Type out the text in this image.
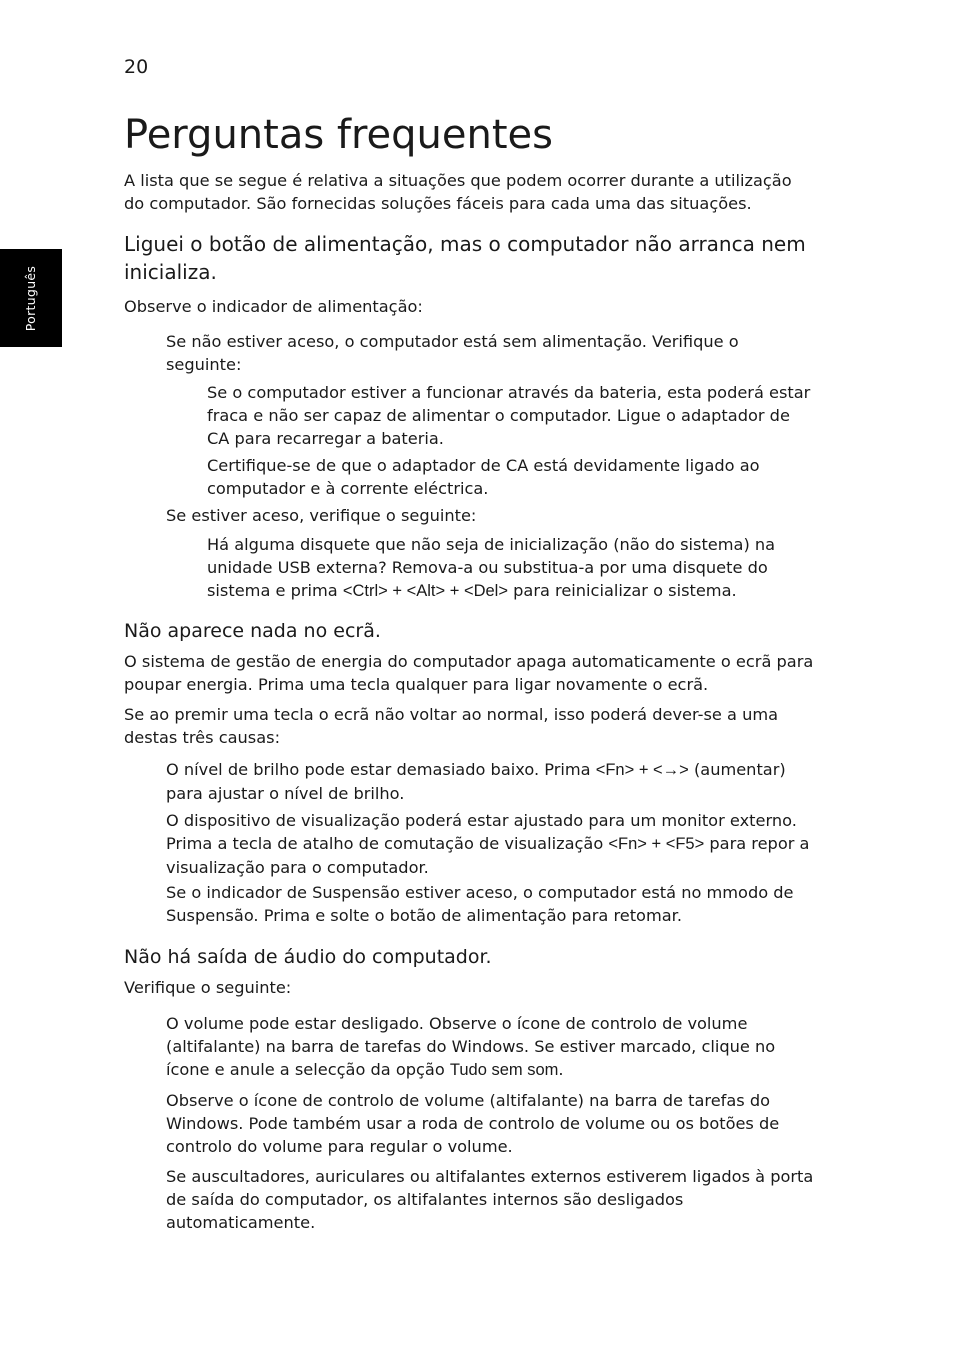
20
Português
Perguntas frequentes

A lista que se segue é relativa a situações que podem ocorrer durante a utilização do computador. São fornecidas soluções fáceis para cada uma das situações.

Liguei o botão de alimentação, mas o computador não arranca nem inicializa.

Observe o indicador de alimentação:

Se não estiver aceso, o computador está sem alimentação. Verifique o seguinte:

Se o computador estiver a funcionar através da bateria, esta poderá estar fraca e não ser capaz de alimentar o computador. Ligue o adaptador de CA para recarregar a bateria.

Certifique-se de que o adaptador de CA está devidamente ligado ao computador e à corrente eléctrica.

Se estiver aceso, verifique o seguinte:

Há alguma disquete que não seja de inicialização (não do sistema) na unidade USB externa? Remova-a ou substitua-a por uma disquete do sistema e prima <Ctrl> + <Alt> + <Del> para reinicializar o sistema.

Não aparece nada no ecrã.

O sistema de gestão de energia do computador apaga automaticamente o ecrã para poupar energia. Prima uma tecla qualquer para ligar novamente o ecrã.

Se ao premir uma tecla o ecrã não voltar ao normal, isso poderá dever-se a uma destas três causas:

O nível de brilho pode estar demasiado baixo. Prima <Fn> + <→> (aumentar) para ajustar o nível de brilho.

O dispositivo de visualização poderá estar ajustado para um monitor externo. Prima a tecla de atalho de comutação de visualização <Fn> + <F5> para repor a visualização para o computador.

Se o indicador de Suspensão estiver aceso, o computador está no mmodo de Suspensão. Prima e solte o botão de alimentação para retomar.

Não há saída de áudio do computador.

Verifique o seguinte:

O volume pode estar desligado. Observe o ícone de controlo de volume (altifalante) na barra de tarefas do Windows. Se estiver marcado, clique no ícone e anule a selecção da opção Tudo sem som.

Observe o ícone de controlo de volume (altifalante) na barra de tarefas do Windows. Pode também usar a roda de controlo de volume ou os botões de controlo do volume para regular o volume.

Se auscultadores, auriculares ou altifalantes externos estiverem ligados à porta de saída do computador, os altifalantes internos são desligados automaticamente.
